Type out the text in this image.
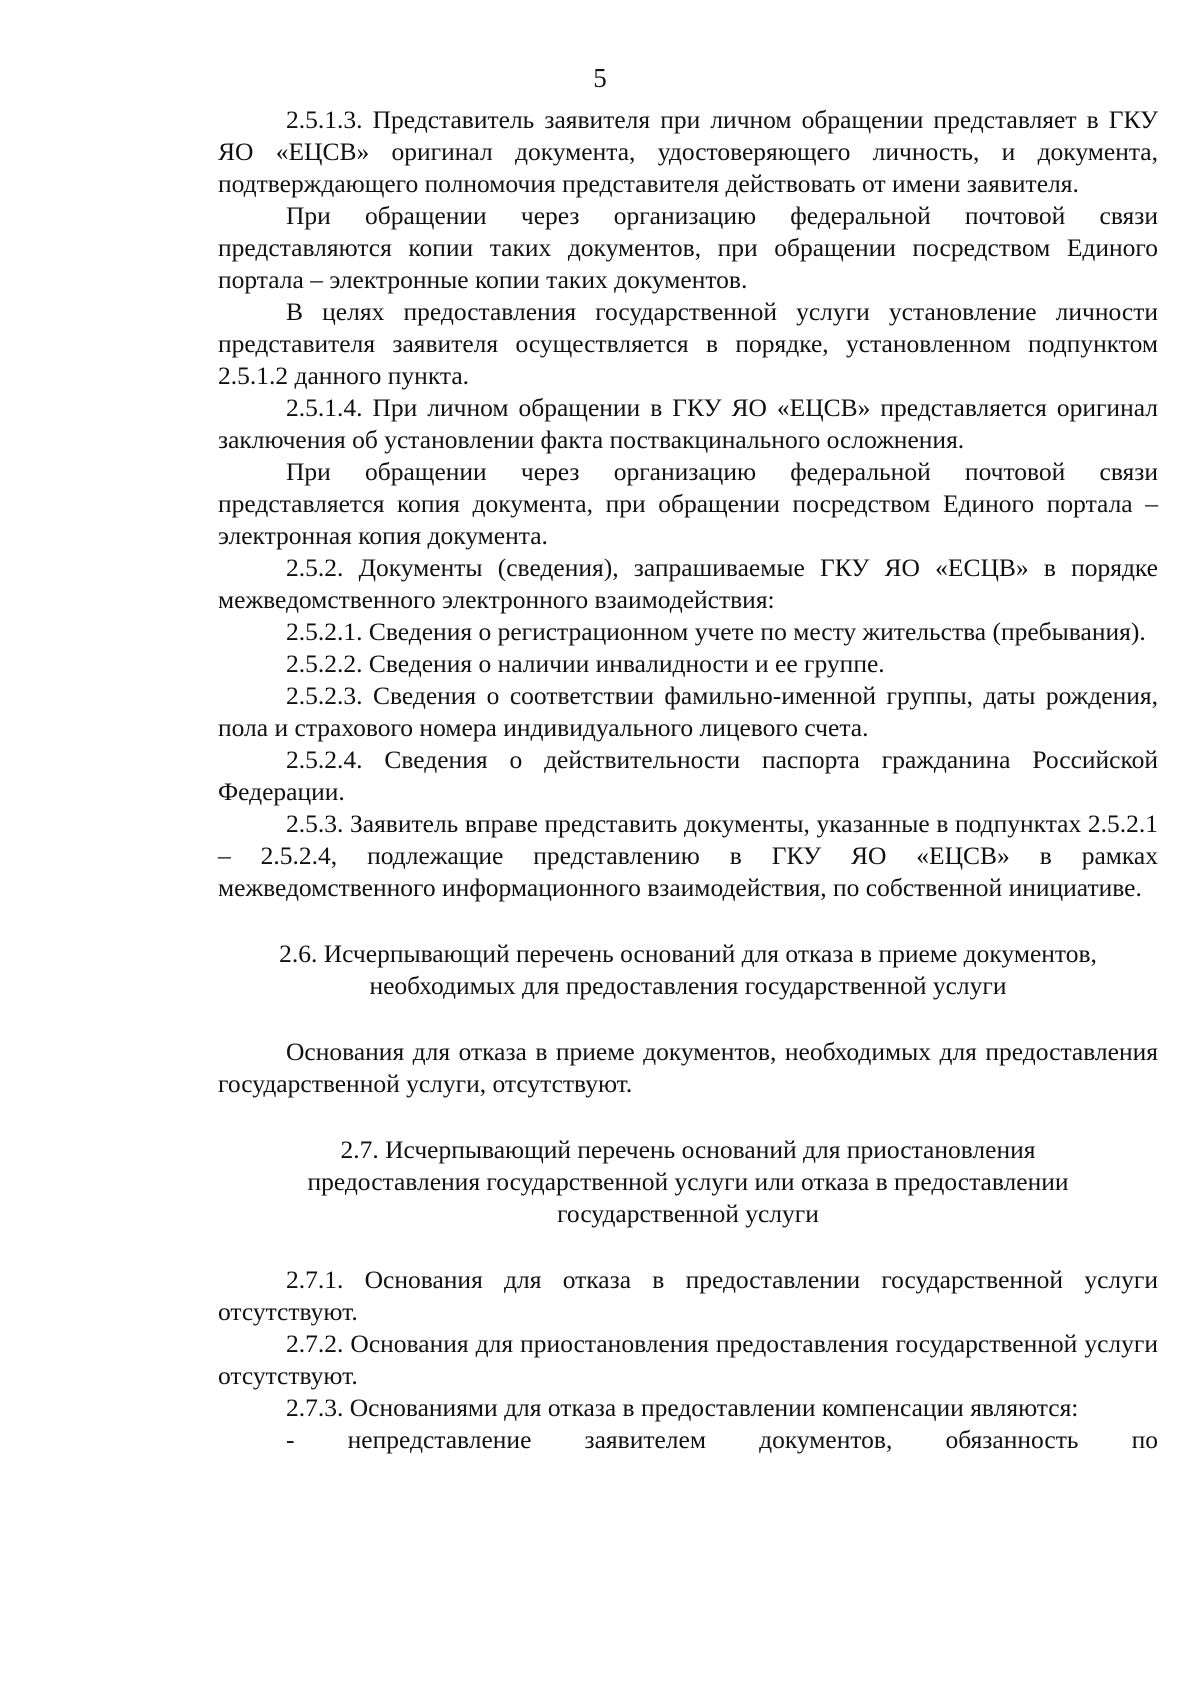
5

2.5.1.3. Представитель заявителя при личном обращении представляет в ГКУ ЯО «ЕЦСВ» оригинал документа, удостоверяющего личность, и документа, подтверждающего полномочия представителя действовать от имени заявителя.

При обращении через организацию федеральной почтовой связи представляются копии таких документов, при обращении посредством Единого портала – электронные копии таких документов.

В целях предоставления государственной услуги установление личности представителя заявителя осуществляется в порядке, установленном подпунктом 2.5.1.2 данного пункта.

2.5.1.4. При личном обращении в ГКУ ЯО «ЕЦСВ» представляется оригинал заключения об установлении факта поствакцинального осложнения.

При обращении через организацию федеральной почтовой связи представляется копия документа, при обращении посредством Единого портала – электронная копия документа.

2.5.2. Документы (сведения), запрашиваемые ГКУ ЯО «ЕСЦВ» в порядке межведомственного электронного взаимодействия:

2.5.2.1. Сведения о регистрационном учете по месту жительства (пребывания).

2.5.2.2. Сведения о наличии инвалидности и ее группе.

2.5.2.3. Сведения о соответствии фамильно-именной группы, даты рождения, пола и страхового номера индивидуального лицевого счета.

2.5.2.4. Сведения о действительности паспорта гражданина Российской Федерации.

2.5.3. Заявитель вправе представить документы, указанные в подпунктах 2.5.2.1 – 2.5.2.4, подлежащие представлению в ГКУ ЯО «ЕЦСВ» в рамках межведомственного информационного взаимодействия, по собственной инициативе.

2.6. Исчерпывающий перечень оснований для отказа в приеме документов,

необходимых для предоставления государственной услуги

Основания для отказа в приеме документов, необходимых для предоставления государственной услуги, отсутствуют.

2.7. Исчерпывающий перечень оснований для приостановления

предоставления государственной услуги или отказа в предоставлении

государственной услуги

2.7.1. Основания для отказа в предоставлении государственной услуги отсутствуют.

2.7.2. Основания для приостановления предоставления государственной услуги отсутствуют.

2.7.3. Основаниями для отказа в предоставлении компенсации являются:

- непредставление заявителем документов, обязанность по
